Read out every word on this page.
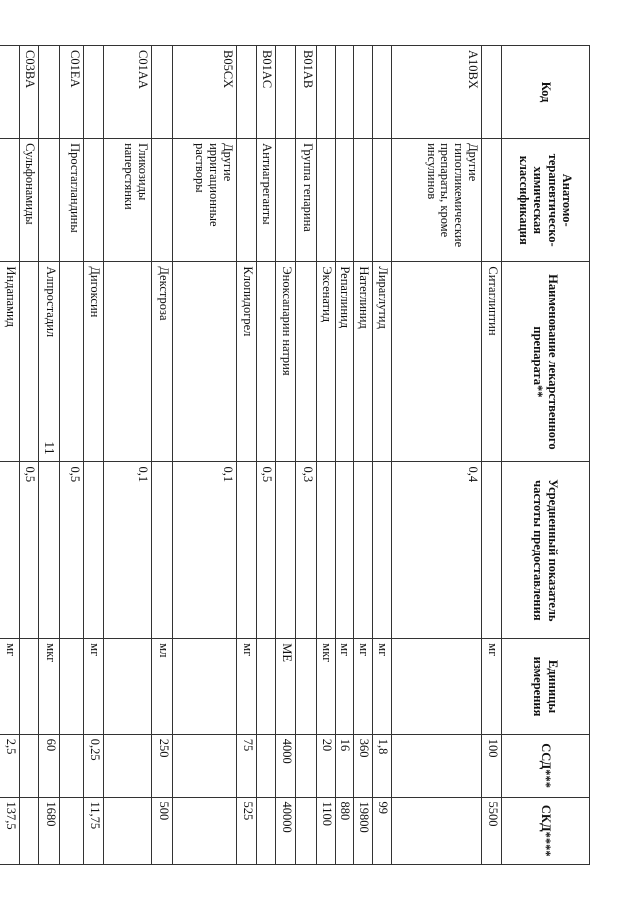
11
Код	Анатомо-терапевтическо-химическая классификация	Наименование лекарственного препарата**	Усредненный показатель частоты предоставления	Единицы измерения	ССД***	СКД****
		Ситаглиптин		мг	100	5500
A10BX	Другие гипогликемические препараты, кроме инсулинов		0,4			
		Лираглутид		мг	1,8	99
		Натеглинид		мг	360	19800
		Репаглинид		мг	16	880
		Эксенатид		мкг	20	1100
B01AB	Группа гепарина		0,3			
		Эноксапарин натрия		МЕ	4000	40000
B01AC	Антиагреганты		0,5			
		Клопидогрел		мг	75	525
B05CX	Другие ирригационные растворы		0,1			
		Декстроза		мл	250	500
C01AA	Гликозиды наперстянки		0,1			
		Дигоксин		мг	0,25	11,75
C01EA	Простагландины		0,5			
		Алпростадил		мкг	60	1680
C03BA	Сульфонамиды		0,5			
		Индапамид		мг	2,5	137,5
